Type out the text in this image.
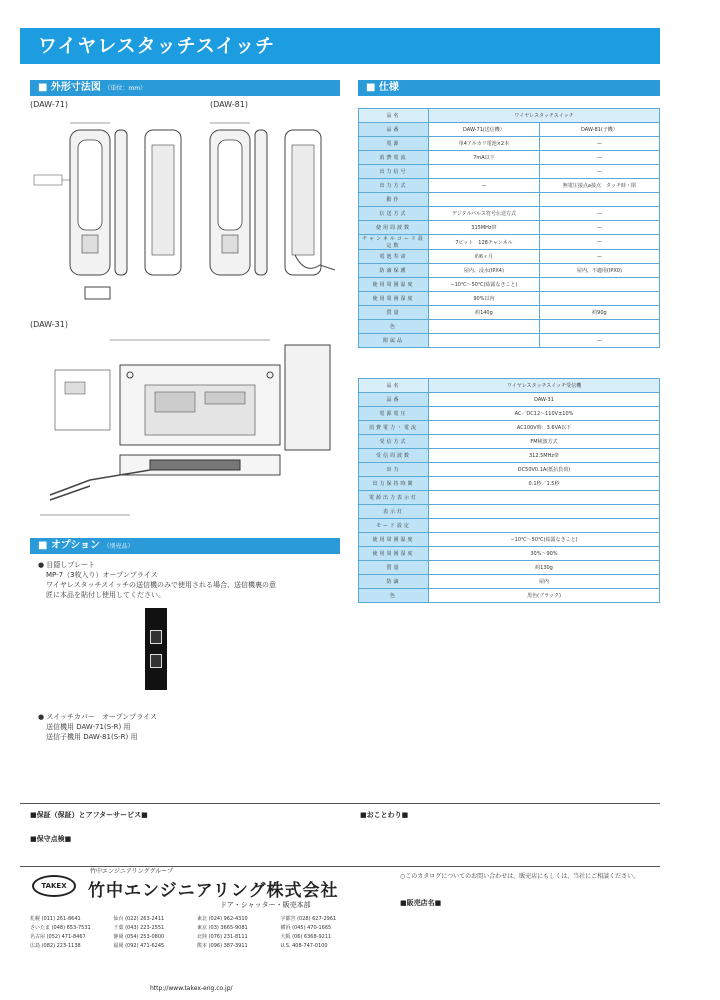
ワイヤレスタッチスイッチ
■ 外形寸法図 （単位：mm）
(DAW-71)	(DAW-81)
(DAW-31)
■ 仕様
品名	ワイヤレスタッチスイッチ	
品番	DAW-71(送信機）	DAW-81(子機）
電源	単4アルカリ電池×2本	—
消費電流	7mA以下	—
出力信号		—
出力方式	—	無電圧接点a接点　タッチ時・閉
動作		
伝送方式	デジタルパルス符号伝送方式	—
使用周波数	315MHz帯	—
チャンネルコード設定数	7ビット　128チャンネル	—
電池寿命	約6ヶ月	—
防滴保護	屋内、浸水(IPX4)	屋内、不適用(IPX0)
使用周囲温度	−10℃〜50℃(結露なきこと)	
使用周囲湿度	90%以内	
質量	約140g	約90g
色		
附属品		—
品名	ワイヤレスタッチスイッチ受信機
品番	DAW-31
電源電圧	AC／DC12〜110V±10%
消費電力・電流	AC100V時：3.6VA以下
受信方式	FM検波方式
受信周波数	312.5MHz帯
出力	DC50V0.1A(抵抗負荷)
出力保持時間	0.1秒／1.5秒
電源出力表示灯	
表示灯	
モード設定	
使用周囲温度	−10℃〜50℃(結露なきこと)
使用周囲湿度	30%〜90%
質量	約130g
防滴	屋内
色	黒色(ブラック)
■ オプション （別売品）
● 目隠しプレート
MP-7（3枚入り）オープンプライス
ワイヤレスタッチスイッチの送信機のみで使用される場合、送信機裏の意
匠に本品を貼付し使用してください。
● スイッチカバー　オープンプライス
送信機用 DAW-71(S-R) 用
送信子機用 DAW-81(S-R) 用
■保証（保証）とアフターサービス■
■保守点検■
■おことわり■
TAKEX
竹中エンジニアリンググループ
竹中エンジニアリング株式会社
ドア・シャッター・販売本部
札幌 (011) 261-8641	仙台 (022) 263-2411	東北 (024) 962-4310	宇都宮 (028) 627-2961
さいたま (048) 653-7531	千葉 (043) 223-2551	東京 (03) 3665-9081	横浜 (045) 470-1665
名古屋 (052) 471-8467	静岡 (054) 253-0800	北陸 (076) 231-8111	大阪 (06) 6368-9211
広島 (082) 223-1138	福岡 (092) 471-6245	熊本 (096) 387-3911	U.S. 408-747-0100
http://www.takex-eng.co.jp/
○このカタログについてのお問い合わせは、販売店にもしくは、当社にご相談ください。
■販売店名■
